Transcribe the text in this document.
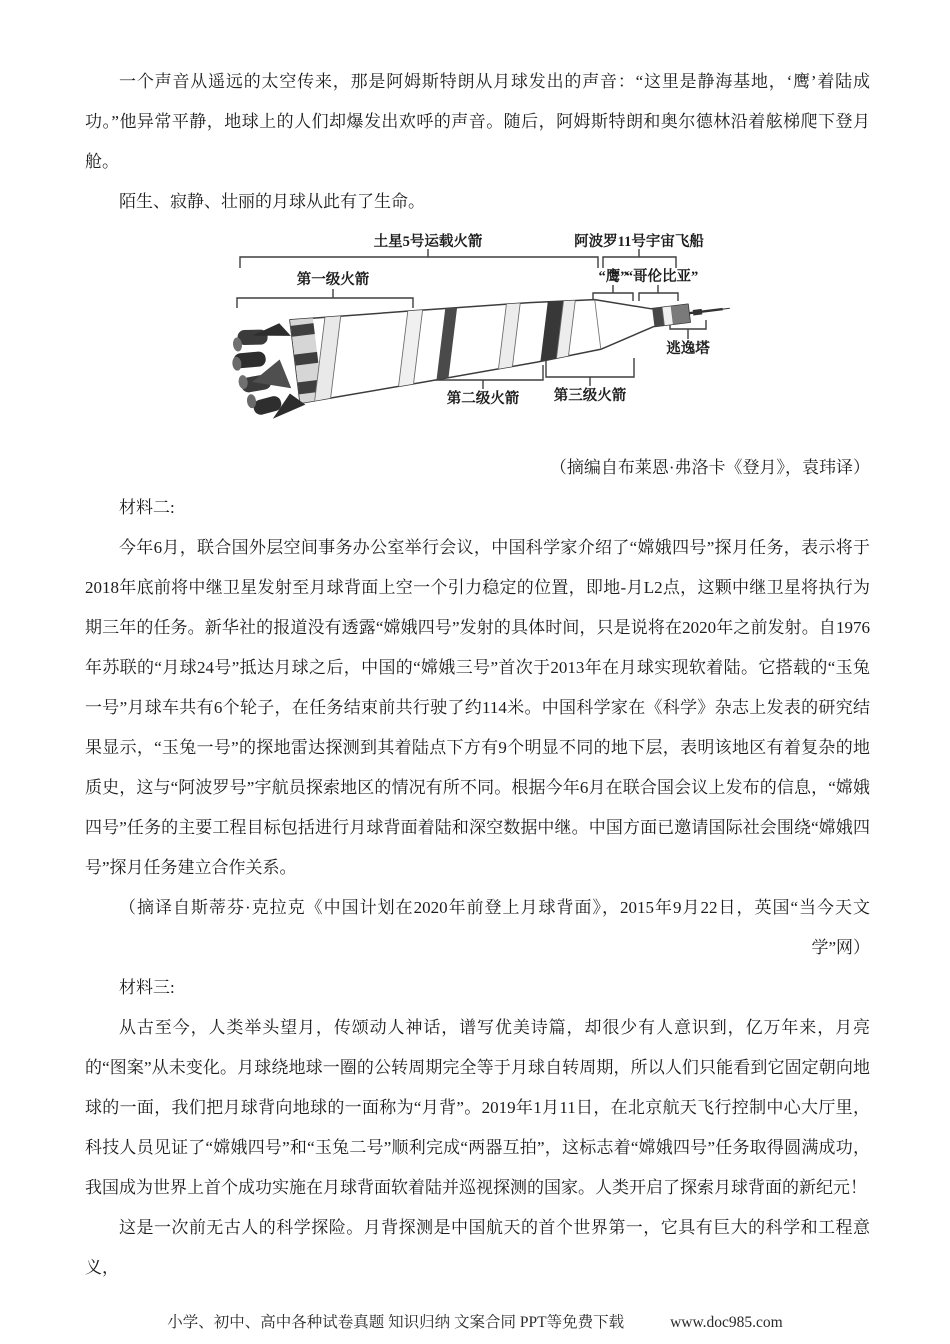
一个声音从遥远的太空传来，那是阿姆斯特朗从月球发出的声音：“这里是静海基地，‘鹰’着陆成功。”他异常平静，地球上的人们却爆发出欢呼的声音。随后，阿姆斯特朗和奥尔德林沿着舷梯爬下登月舱。

陌生、寂静、壮丽的月球从此有了生命。

土星5号运载火箭	阿波罗11号宇宙飞船
第一级火箭	“鹰”
“哥伦比亚”
第二级火箭 第三级火箭
逃逸塔

（摘编自布莱恩·弗洛卡《登月》，袁玮译）

材料二:

今年6月，联合国外层空间事务办公室举行会议，中国科学家介绍了“嫦娥四号”探月任务，表示将于2018年底前将中继卫星发射至月球背面上空一个引力稳定的位置，即地-月L2点，这颗中继卫星将执行为期三年的任务。新华社的报道没有透露“嫦娥四号”发射的具体时间，只是说将在2020年之前发射。自1976年苏联的“月球24号”抵达月球之后，中国的“嫦娥三号”首次于2013年在月球实现软着陆。它搭载的“玉兔一号”月球车共有6个轮子，在任务结束前共行驶了约114米。中国科学家在《科学》杂志上发表的研究结果显示，“玉兔一号”的探地雷达探测到其着陆点下方有9个明显不同的地下层，表明该地区有着复杂的地质史，这与“阿波罗号”宇航员探索地区的情况有所不同。根据今年6月在联合国会议上发布的信息，“嫦娥四号”任务的主要工程目标包括进行月球背面着陆和深空数据中继。中国方面已邀请国际社会围绕“嫦娥四号”探月任务建立合作关系。

（摘译自斯蒂芬·克拉克《中国计划在2020年前登上月球背面》，2015年9月22日，英国“当今天文学”网）

材料三:

从古至今，人类举头望月，传颂动人神话，谱写优美诗篇，却很少有人意识到，亿万年来，月亮的“图案”从未变化。月球绕地球一圈的公转周期完全等于月球自转周期，所以人们只能看到它固定朝向地球的一面，我们把月球背向地球的一面称为“月背”。2019年1月11日，在北京航天飞行控制中心大厅里，科技人员见证了“嫦娥四号”和“玉兔二号”顺利完成“两器互拍”，这标志着“嫦娥四号”任务取得圆满成功，我国成为世界上首个成功实施在月球背面软着陆并巡视探测的国家。人类开启了探索月球背面的新纪元！

这是一次前无古人的科学探险。月背探测是中国航天的首个世界第一，它具有巨大的科学和工程意义，

小学、初中、高中各种试卷真题 知识归纳 文案合同 PPT等免费下载	www.doc985.com
